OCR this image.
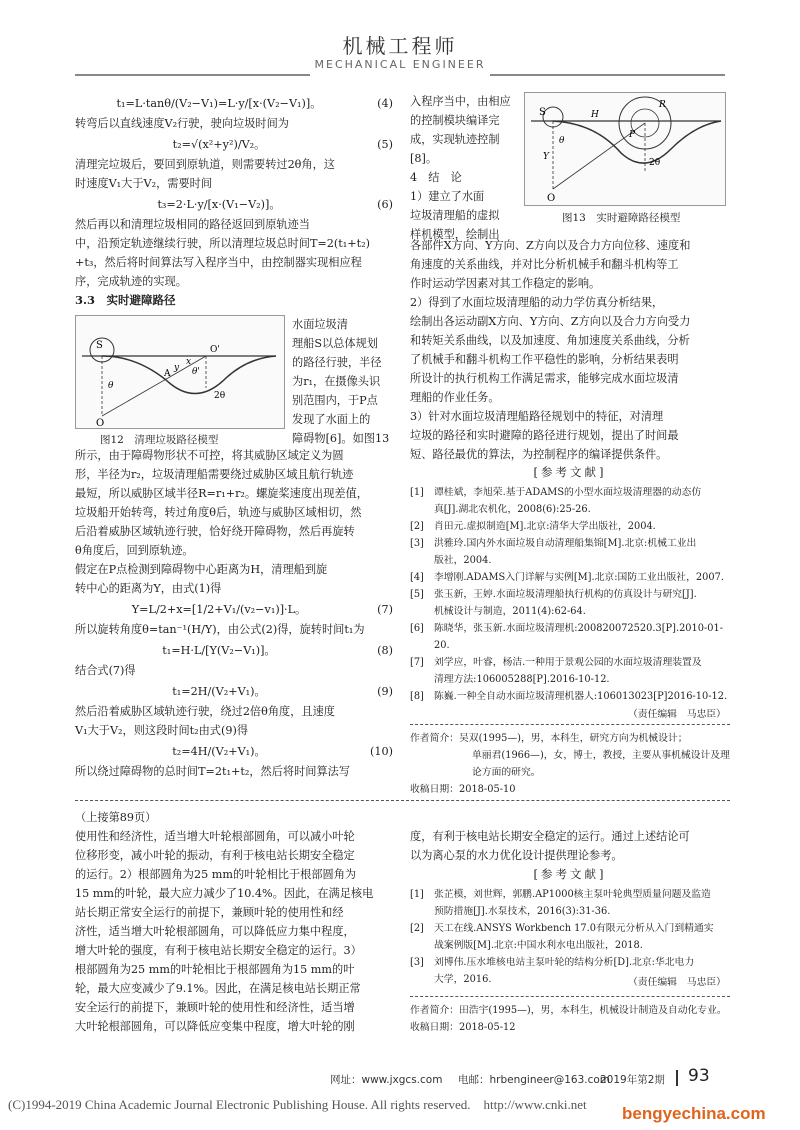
机械工程师
MECHANICAL ENGINEER
t₁=L·tanθ/(V₂−V₁)=L·y/[x·(V₂−V₁)]。	(4)
转弯后以直线速度V₂行驶，驶向垃圾时间为
t₂=√(x²+y²)/V₂。	(5)
清理完垃圾后，要回到原轨道，则需要转过2θ角，这
时速度V₁大于V₂，需要时间
t₃=2·L·y/[x·(V₁−V₂)]。	(6)
然后再以和清理垃圾相同的路径返回到原轨迹当
中，沿预定轨迹继续行驶，所以清理垃圾总时间T=2(t₁+t₂)
+t₃，然后将时间算法写入程序当中，由控制器实现相应程
序，完成轨迹的实现。
3.3　实时避障路径
S
θ
O
A
y
x
θ'
O'
2θ
图12　清理垃圾路径模型
水面垃圾清
理船S以总体规划
的路径行驶，半径
为r₁，在摄像头识
别范围内，于P点
发现了水面上的
障碍物[6]。如图13
所示，由于障碍物形状不可控，将其威胁区域定义为圆
形，半径为r₂，垃圾清理船需要绕过威胁区域且航行轨迹
最短，所以威胁区域半径R=r₁+r₂。螺旋桨速度出现差值，
垃圾船开始转弯，转过角度θ后，轨迹与威胁区域相切，然
后沿着威胁区域轨迹行驶，恰好绕开障碍物，然后再旋转
θ角度后，回到原轨迹。
假定在P点检测到障碍物中心距离为H，清理船到旋
转中心的距离为Y，由式(1)得
Y=L/2+x=[1/2+V₁/(v₂−v₁)]·L。	(7)
所以旋转角度θ=tan⁻¹(H/Y)，由公式(2)得，旋转时间t₁为
t₁=H·L/[Y(V₂−V₁)]。	(8)
结合式(7)得
t₁=2H/(V₂+V₁)。	(9)
然后沿着威胁区域轨迹行驶，绕过2倍θ角度，且速度
V₁大于V₂，则这段时间t₂由式(9)得
t₂=4H/(V₂+V₁)。	(10)
所以绕过障碍物的总时间T=2t₁+t₂，然后将时间算法写
入程序当中，由相应
的控制模块编译完
成，实现轨迹控制
[8]。
4　结　论
1）建立了水面
垃圾清理船的虚拟
样机模型，绘制出
S
O
Y
θ
H
P
R
2θ
图13　实时避障路径模型
各部件X方向、Y方向、Z方向以及合力方向位移、速度和
角速度的关系曲线，并对比分析机械手和翻斗机构等工
作时运动学因素对其工作稳定的影响。
2）得到了水面垃圾清理船的动力学仿真分析结果，
绘制出各运动副X方向、Y方向、Z方向以及合力方向受力
和转矩关系曲线，以及加速度、角加速度关系曲线，分析
了机械手和翻斗机构工作平稳性的影响，分析结果表明
所设计的执行机构工作满足需求，能够完成水面垃圾清
理船的作业任务。
3）针对水面垃圾清理船路径规划中的特征，对清理
垃圾的路径和实时避障的路径进行规划，提出了时间最
短、路径最优的算法，为控制程序的编译提供条件。
[参考文献]
[1] 谭桂斌，李旭荣.基于ADAMS的小型水面垃圾清理器的动态仿
真[J].湖北农机化，2008(6):25-26.
[2] 肖田元.虚拟制造[M].北京:清华大学出版社，2004.
[3] 洪雅玲.国内外水面垃圾自动清理船集锦[M].北京:机械工业出
版社，2004.
[4] 李增刚.ADAMS入门详解与实例[M].北京:国防工业出版社，2007.
[5] 张玉新，王婷.水面垃圾清理船执行机构的仿真设计与研究[J].
机械设计与制造，2011(4):62-64.
[6] 陈晓华，张玉新.水面垃圾清理机:200820072520.3[P].2010-01-
20.
[7] 刘学应，叶睿，杨洁.一种用于景观公园的水面垃圾清理装置及
清理方法:106005288[P].2016-10-12.
[8] 陈巍.一种全自动水面垃圾清理机器人:106013023[P]2016-10-12.
（责任编辑　马忠臣）
作者简介：吴双(1995—)，男，本科生，研究方向为机械设计；
单丽君(1966—)，女，博士，教授，主要从事机械设计及理
论方面的研究。
收稿日期：2018-05-10
（上接第89页）
使用性和经济性，适当增大叶轮根部圆角，可以减小叶轮
位移形变，减小叶轮的振动，有利于核电站长期安全稳定
的运行。2）根部圆角为25 mm的叶轮相比于根部圆角为
15 mm的叶轮，最大应力减少了10.4%。因此，在满足核电
站长期正常安全运行的前提下，兼顾叶轮的使用性和经
济性，适当增大叶轮根部圆角，可以降低应力集中程度，
增大叶轮的强度，有利于核电站长期安全稳定的运行。3）
根部圆角为25 mm的叶轮相比于根部圆角为15 mm的叶
轮，最大应变减少了9.1%。因此，在满足核电站长期正常
安全运行的前提下，兼顾叶轮的使用性和经济性，适当增
大叶轮根部圆角，可以降低应变集中程度，增大叶轮的刚
度，有利于核电站长期安全稳定的运行。通过上述结论可
以为离心泵的水力优化设计提供理论参考。
[参考文献]
[1] 张芷模，刘世辉，郭鹏.AP1000核主泵叶轮典型质量问题及监造
预防措施[J].水泵技术，2016(3):31-36.
[2] 天工在线.ANSYS Workbench 17.0有限元分析从入门到精通实
战案例版[M].北京:中国水利水电出版社，2018.
[3] 刘博伟.压水堆核电站主泵叶轮的结构分析[D].北京:华北电力
大学，2016.	（责任编辑　马忠臣）
作者简介：田浩宇(1995—)，男，本科生，机械设计制造及自动化专业。
收稿日期：2018-05-12
网址：www.jxgcs.com 电邮：hrbengineer@163.com
2019年第2期 93
(C)1994-2019 China Academic Journal Electronic Publishing House. All rights reserved.　http://www.cnki.net bengyechina.com
